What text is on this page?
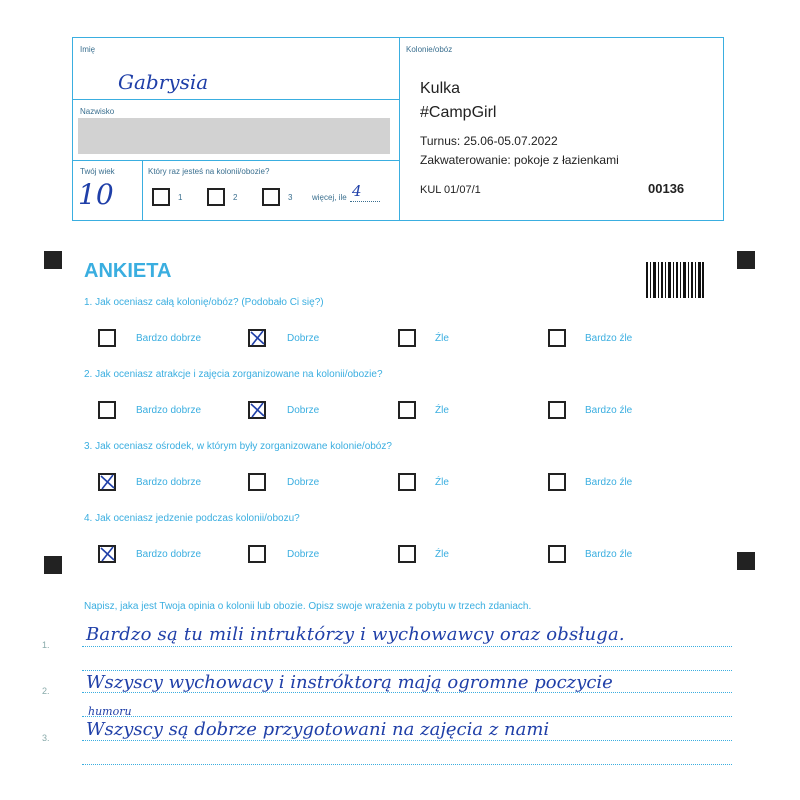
Imię
Gabrysia
Nazwisko
Twój wiek
10
Który raz jesteś na kolonii/obozie?
1	2	3 więcej, ile 4
Kolonie/obóz
Kulka
#CampGirl
Turnus: 25.06-05.07.2022
Zakwaterowanie: pokoje z łazienkami
KUL 01/07/1	00136
ANKIETA
1. Jak oceniasz całą kolonię/obóz? (Podobało Ci się?)
Bardzo dobrze	Dobrze	Źle	Bardzo źle
2. Jak oceniasz atrakcje i zajęcia zorganizowane na kolonii/obozie?
Bardzo dobrze	Dobrze	Źle	Bardzo źle
3. Jak oceniasz ośrodek, w którym były zorganizowane kolonie/obóz?
Bardzo dobrze	Dobrze	Źle	Bardzo źle
4. Jak oceniasz jedzenie podczas kolonii/obozu?
Bardzo dobrze	Dobrze	Źle	Bardzo źle
Napisz, jaka jest Twoja opinia o kolonii lub obozie. Opisz swoje wrażenia z pobytu w trzech zdaniach.
1.
2.
3.
Bardzo są tu mili intruktórzy i wychowawcy oraz obsługa.
Wszyscy wychowacy i instróktorą mają ogromne poczycie
humoru
Wszyscy są dobrze przygotowani na zajęcia z nami
